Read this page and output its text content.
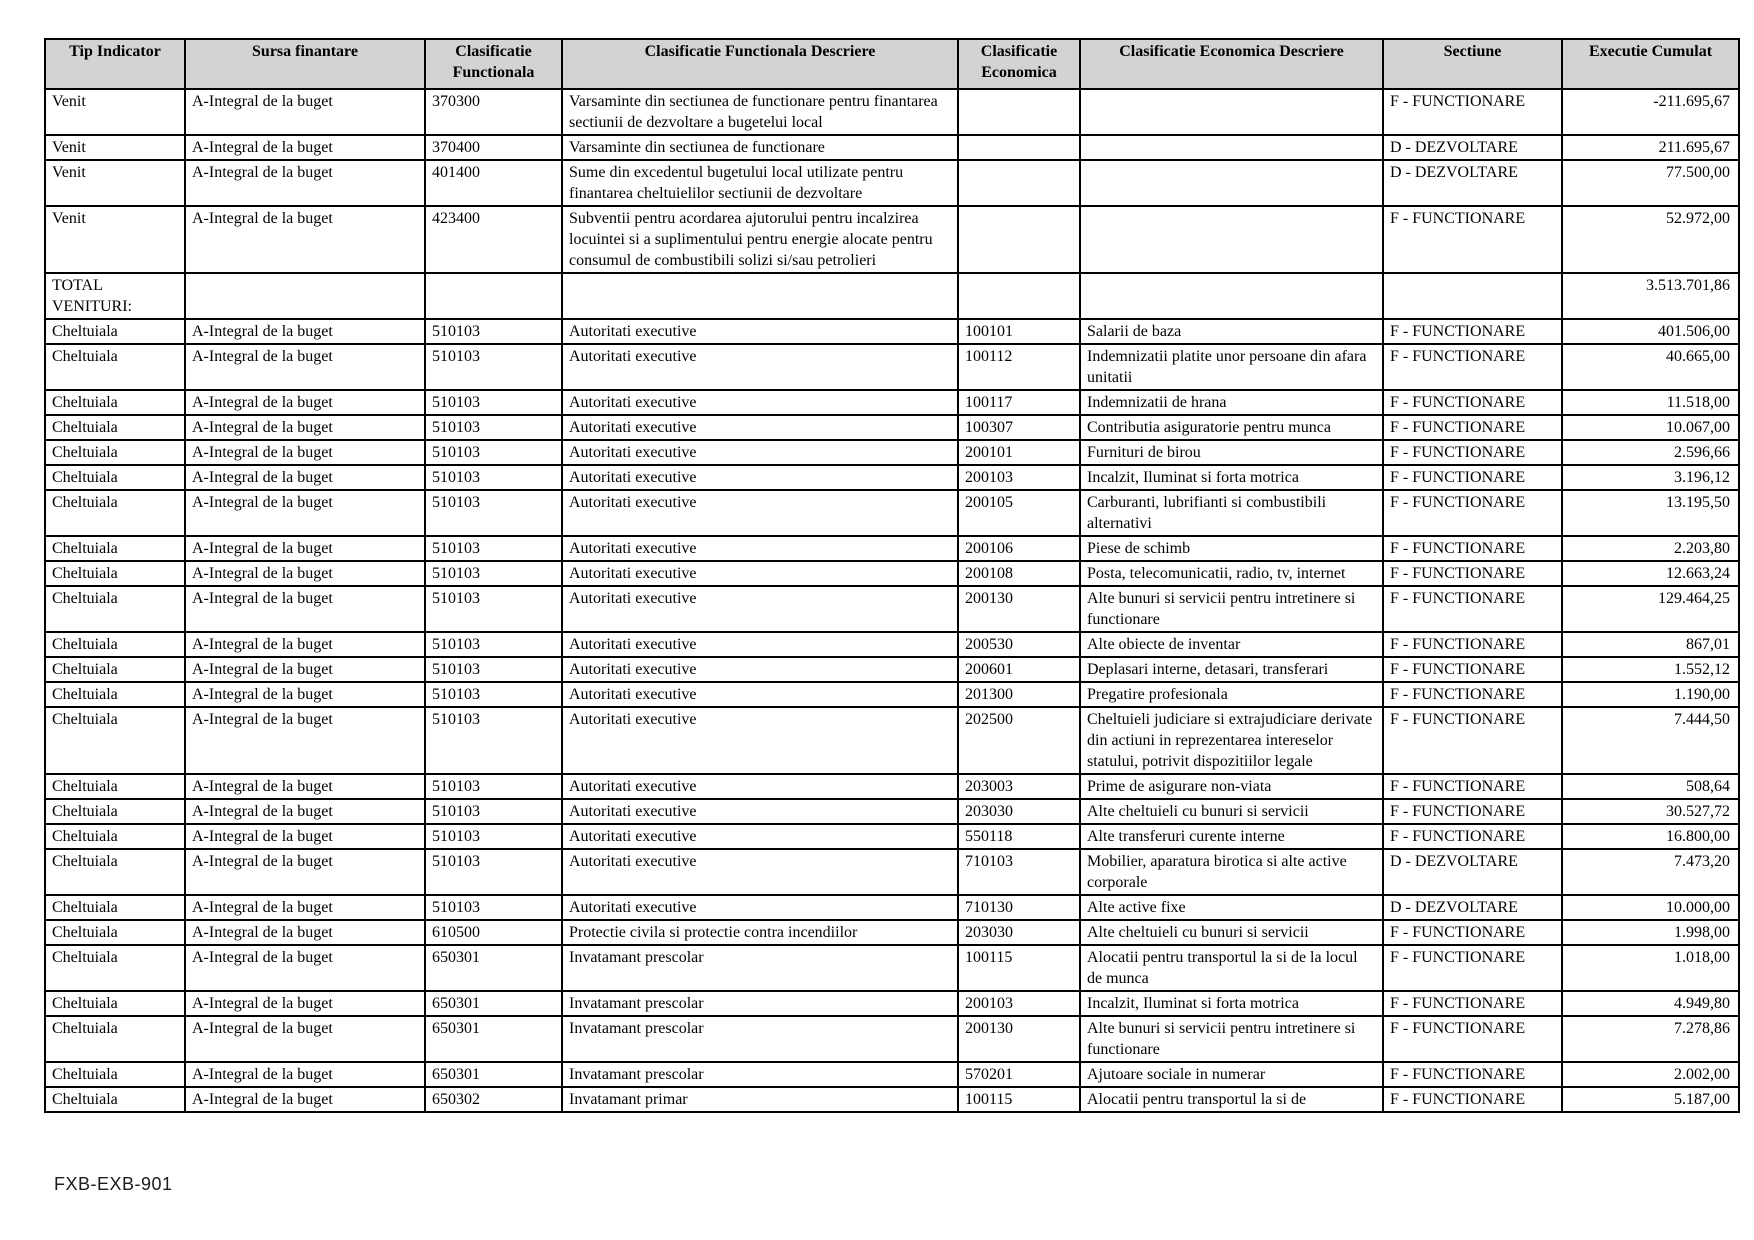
Tip Indicator	Sursa finantare	Clasificatie Functionala	Clasificatie Functionala Descriere	Clasificatie Economica	Clasificatie Economica Descriere	Sectiune	Executie Cumulat
Venit	A-Integral de la buget	370300	Varsaminte din sectiunea de functionare pentru finantarea sectiunii de dezvoltare a bugetelui local			F - FUNCTIONARE	-211.695,67
Venit	A-Integral de la buget	370400	Varsaminte din sectiunea de functionare			D - DEZVOLTARE	211.695,67
Venit	A-Integral de la buget	401400	Sume din excedentul bugetului local utilizate pentru finantarea cheltuielilor sectiunii de dezvoltare			D - DEZVOLTARE	77.500,00
Venit	A-Integral de la buget	423400	Subventii pentru acordarea ajutorului pentru incalzirea locuintei si a suplimentului pentru energie alocate pentru consumul de combustibili solizi si/sau petrolieri			F - FUNCTIONARE	52.972,00
TOTAL VENITURI:							3.513.701,86
Cheltuiala	A-Integral de la buget	510103	Autoritati executive	100101	Salarii de baza	F - FUNCTIONARE	401.506,00
Cheltuiala	A-Integral de la buget	510103	Autoritati executive	100112	Indemnizatii platite unor persoane din afara unitatii	F - FUNCTIONARE	40.665,00
Cheltuiala	A-Integral de la buget	510103	Autoritati executive	100117	Indemnizatii de hrana	F - FUNCTIONARE	11.518,00
Cheltuiala	A-Integral de la buget	510103	Autoritati executive	100307	Contributia asiguratorie pentru munca	F - FUNCTIONARE	10.067,00
Cheltuiala	A-Integral de la buget	510103	Autoritati executive	200101	Furnituri de birou	F - FUNCTIONARE	2.596,66
Cheltuiala	A-Integral de la buget	510103	Autoritati executive	200103	Incalzit, Iluminat si forta motrica	F - FUNCTIONARE	3.196,12
Cheltuiala	A-Integral de la buget	510103	Autoritati executive	200105	Carburanti, lubrifianti si combustibili alternativi	F - FUNCTIONARE	13.195,50
Cheltuiala	A-Integral de la buget	510103	Autoritati executive	200106	Piese de schimb	F - FUNCTIONARE	2.203,80
Cheltuiala	A-Integral de la buget	510103	Autoritati executive	200108	Posta, telecomunicatii, radio, tv, internet	F - FUNCTIONARE	12.663,24
Cheltuiala	A-Integral de la buget	510103	Autoritati executive	200130	Alte bunuri si servicii pentru intretinere si functionare	F - FUNCTIONARE	129.464,25
Cheltuiala	A-Integral de la buget	510103	Autoritati executive	200530	Alte obiecte de inventar	F - FUNCTIONARE	867,01
Cheltuiala	A-Integral de la buget	510103	Autoritati executive	200601	Deplasari interne, detasari, transferari	F - FUNCTIONARE	1.552,12
Cheltuiala	A-Integral de la buget	510103	Autoritati executive	201300	Pregatire profesionala	F - FUNCTIONARE	1.190,00
Cheltuiala	A-Integral de la buget	510103	Autoritati executive	202500	Cheltuieli judiciare si extrajudiciare derivate din actiuni in reprezentarea intereselor statului, potrivit dispozitiilor legale	F - FUNCTIONARE	7.444,50
Cheltuiala	A-Integral de la buget	510103	Autoritati executive	203003	Prime de asigurare non-viata	F - FUNCTIONARE	508,64
Cheltuiala	A-Integral de la buget	510103	Autoritati executive	203030	Alte cheltuieli cu bunuri si servicii	F - FUNCTIONARE	30.527,72
Cheltuiala	A-Integral de la buget	510103	Autoritati executive	550118	Alte transferuri curente interne	F - FUNCTIONARE	16.800,00
Cheltuiala	A-Integral de la buget	510103	Autoritati executive	710103	Mobilier, aparatura birotica si alte active corporale	D - DEZVOLTARE	7.473,20
Cheltuiala	A-Integral de la buget	510103	Autoritati executive	710130	Alte active fixe	D - DEZVOLTARE	10.000,00
Cheltuiala	A-Integral de la buget	610500	Protectie civila si protectie contra incendiilor	203030	Alte cheltuieli cu bunuri si servicii	F - FUNCTIONARE	1.998,00
Cheltuiala	A-Integral de la buget	650301	Invatamant prescolar	100115	Alocatii pentru transportul la si de la locul de munca	F - FUNCTIONARE	1.018,00
Cheltuiala	A-Integral de la buget	650301	Invatamant prescolar	200103	Incalzit, Iluminat si forta motrica	F - FUNCTIONARE	4.949,80
Cheltuiala	A-Integral de la buget	650301	Invatamant prescolar	200130	Alte bunuri si servicii pentru intretinere si functionare	F - FUNCTIONARE	7.278,86
Cheltuiala	A-Integral de la buget	650301	Invatamant prescolar	570201	Ajutoare sociale in numerar	F - FUNCTIONARE	2.002,00
Cheltuiala	A-Integral de la buget	650302	Invatamant primar	100115	Alocatii pentru transportul la si de	F - FUNCTIONARE	5.187,00
FXB-EXB-901
